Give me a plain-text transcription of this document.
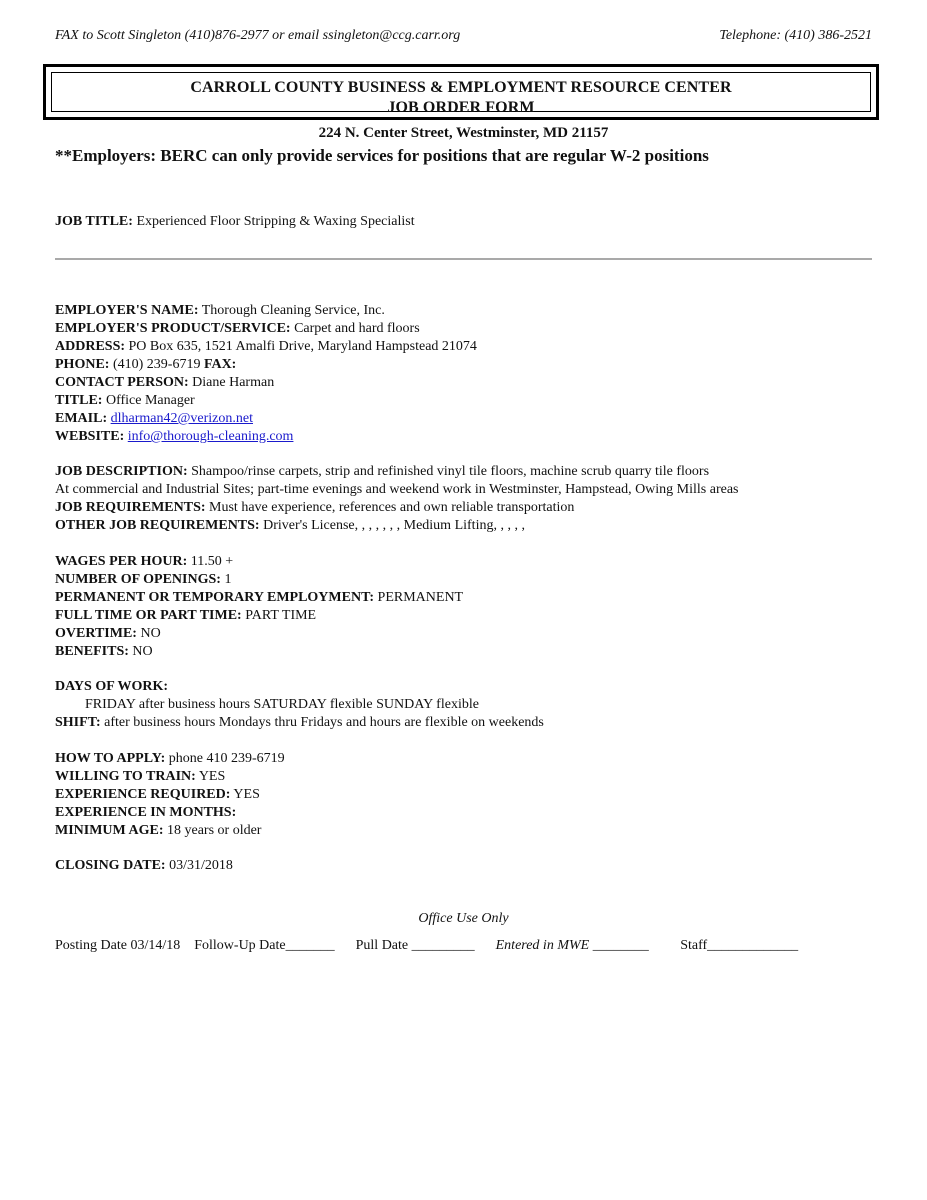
FAX to Scott Singleton (410)876-2977 or email ssingleton@ccg.carr.org	Telephone: (410) 386-2521
CARROLL COUNTY BUSINESS & EMPLOYMENT RESOURCE CENTER
JOB ORDER FORM
224 N. Center Street, Westminster, MD 21157
**Employers: BERC can only provide services for positions that are regular W-2 positions
JOB TITLE: Experienced Floor Stripping & Waxing Specialist
EMPLOYER'S NAME: Thorough Cleaning Service, Inc.
EMPLOYER'S PRODUCT/SERVICE: Carpet and hard floors
ADDRESS: PO Box 635, 1521 Amalfi Drive, Maryland Hampstead 21074
PHONE: (410) 239-6719 FAX:
CONTACT PERSON: Diane Harman
TITLE: Office Manager
EMAIL: dlharman42@verizon.net
WEBSITE: info@thorough-cleaning.com
JOB DESCRIPTION: Shampoo/rinse carpets, strip and refinished vinyl tile floors, machine scrub quarry tile floors
At commercial and Industrial Sites; part-time evenings and weekend work in Westminster, Hampstead, Owing Mills areas
JOB REQUIREMENTS: Must have experience, references and own reliable transportation
OTHER JOB REQUIREMENTS: Driver's License, , , , , , , Medium Lifting, , , , ,
WAGES PER HOUR: 11.50 +
NUMBER OF OPENINGS: 1
PERMANENT OR TEMPORARY EMPLOYMENT: PERMANENT
FULL TIME OR PART TIME: PART TIME
OVERTIME: NO
BENEFITS: NO
DAYS OF WORK:
FRIDAY after business hours SATURDAY flexible SUNDAY flexible
SHIFT: after business hours Mondays thru Fridays and hours are flexible on weekends
HOW TO APPLY: phone 410 239-6719
WILLING TO TRAIN: YES
EXPERIENCE REQUIRED: YES
EXPERIENCE IN MONTHS:
MINIMUM AGE: 18 years or older
CLOSING DATE: 03/31/2018
Office Use Only
Posting Date 03/14/18 Follow-Up Date_______ Pull Date _________ Entered in MWE ________ Staff_____________
